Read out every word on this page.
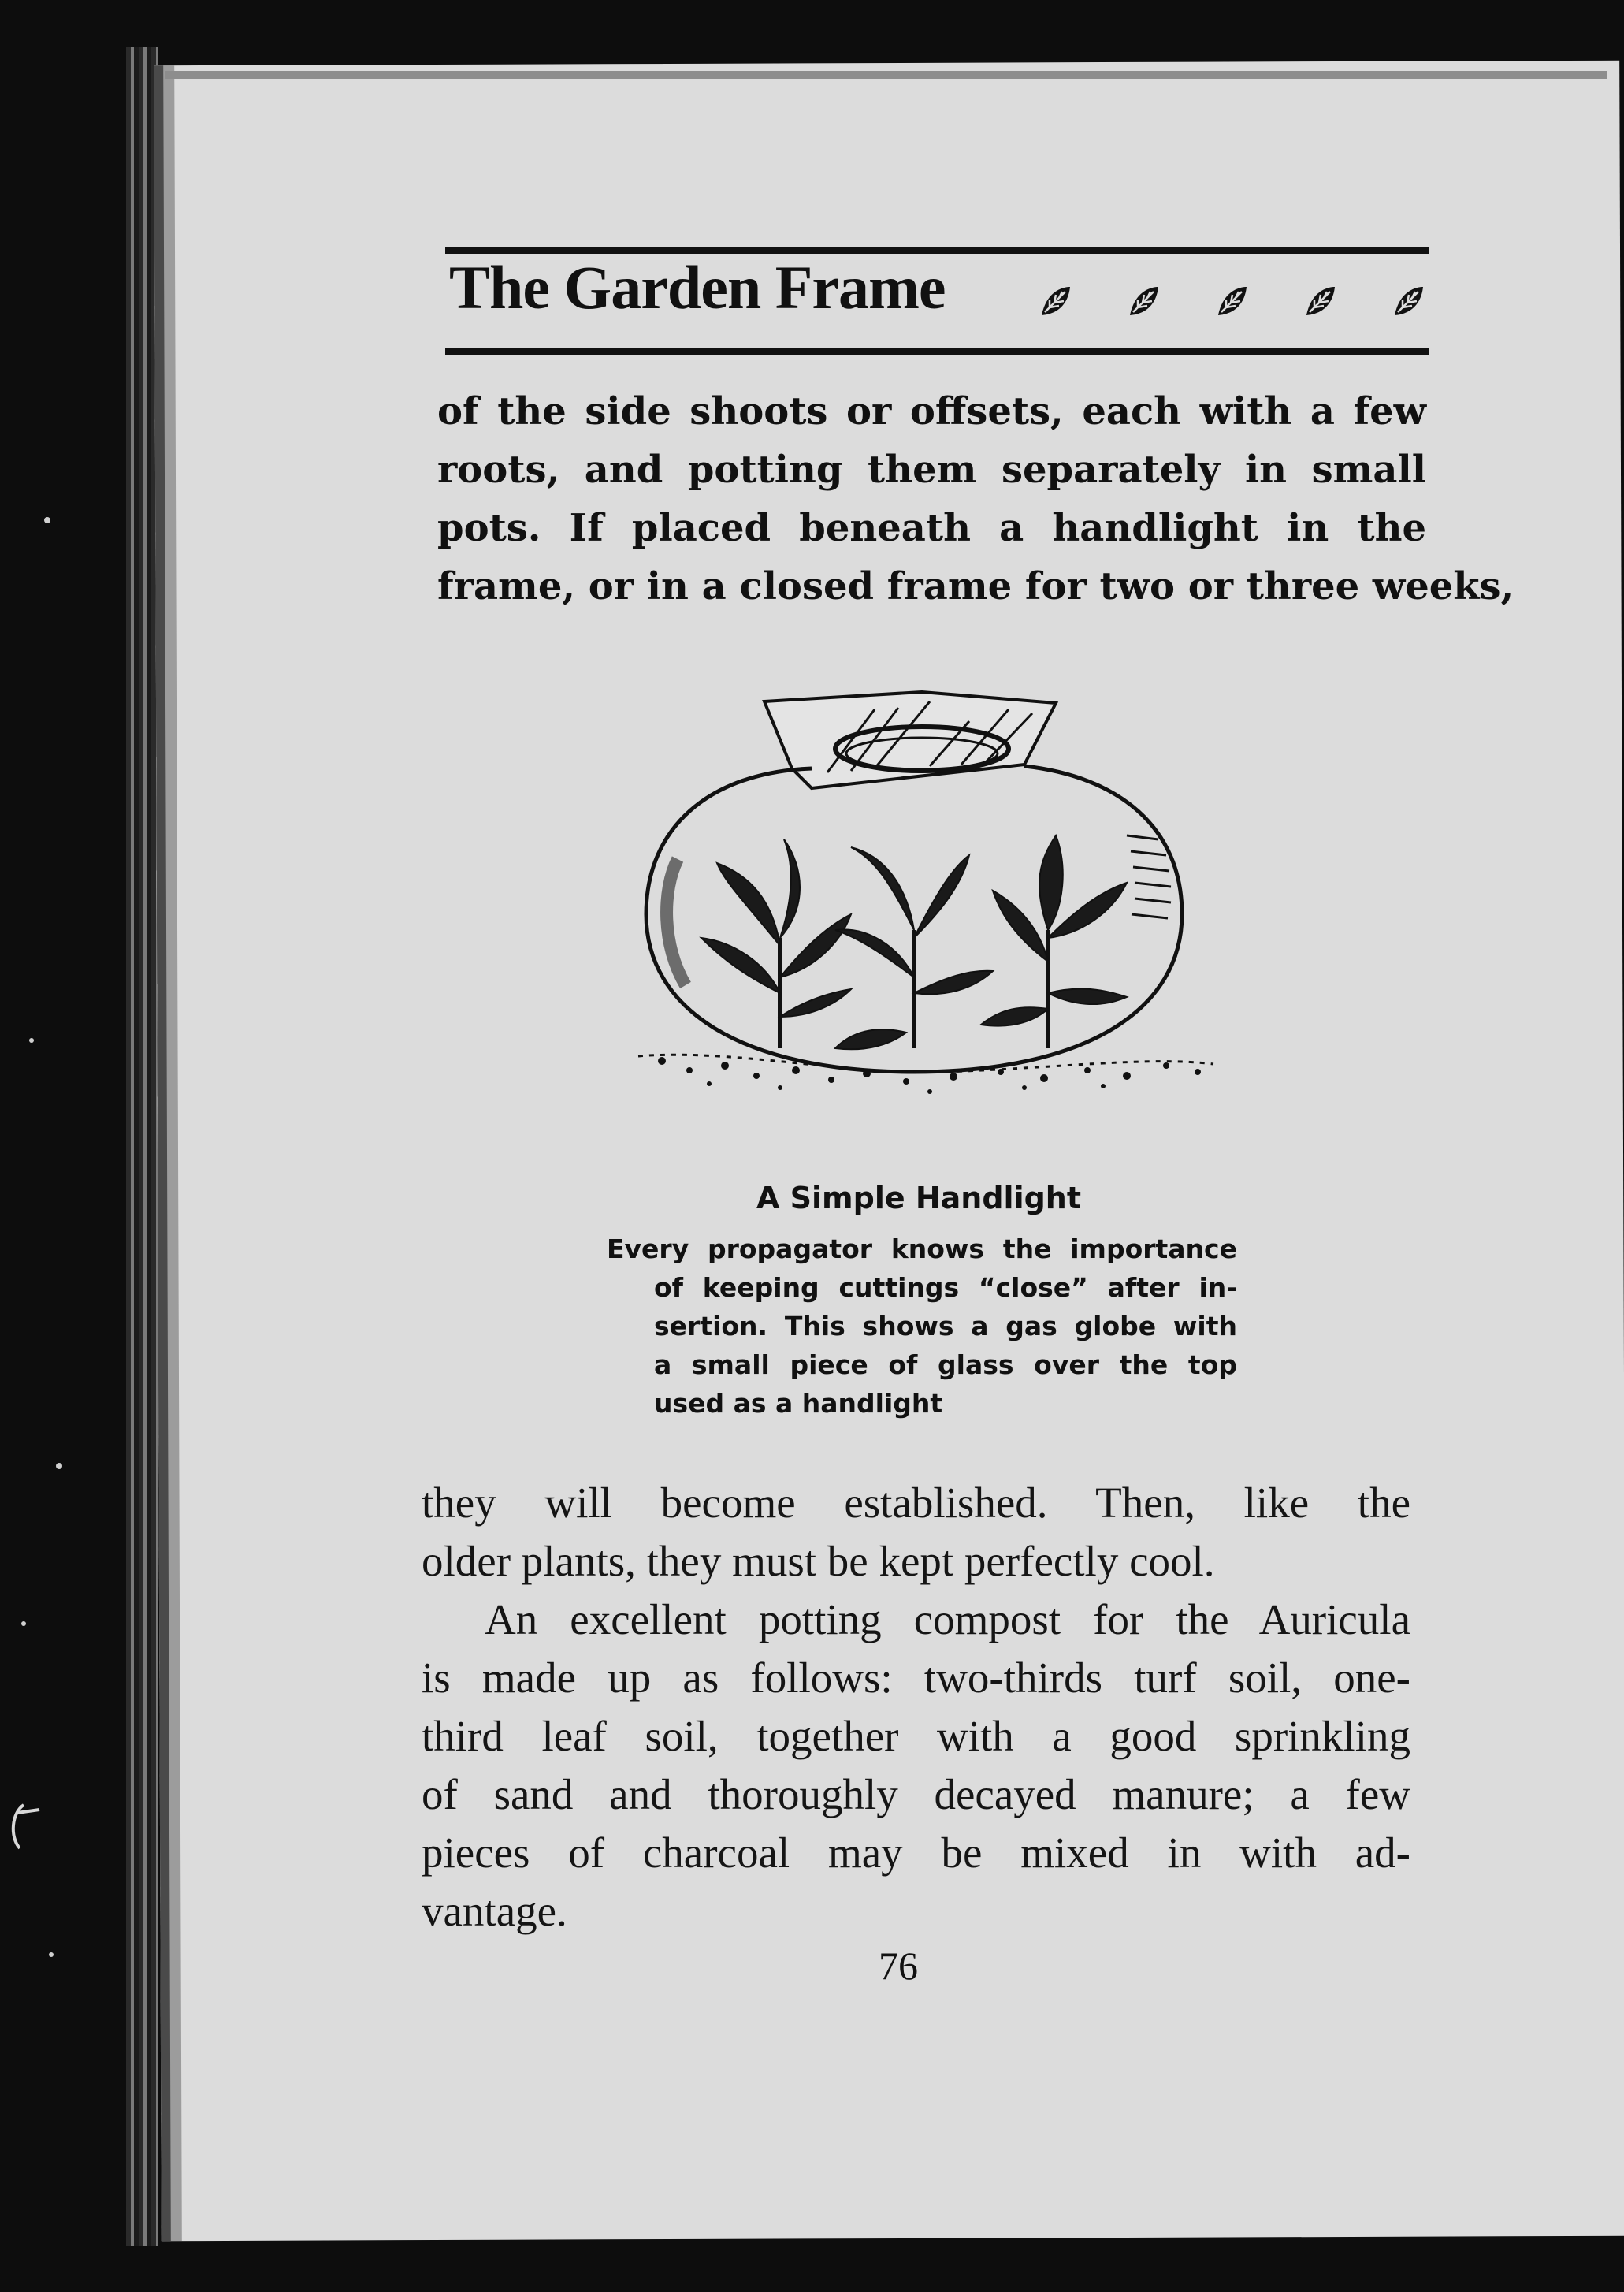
The Garden Frame
of the side shoots or offsets, each with a few
roots, and potting them separately in small
pots. If placed beneath a handlight in the
frame, or in a closed frame for two or three weeks,
A Simple Handlight
Every propagator knows the importance
of keeping cuttings “close” after in-
sertion. This shows a gas globe with
a small piece of glass over the top
used as a handlight
they will become established. Then, like the
older plants, they must be kept perfectly cool.
An excellent potting compost for the Auricula
is made up as follows: two-thirds turf soil, one-
third leaf soil, together with a good sprinkling
of sand and thoroughly decayed manure; a few
pieces of charcoal may be mixed in with ad-
vantage.
76
